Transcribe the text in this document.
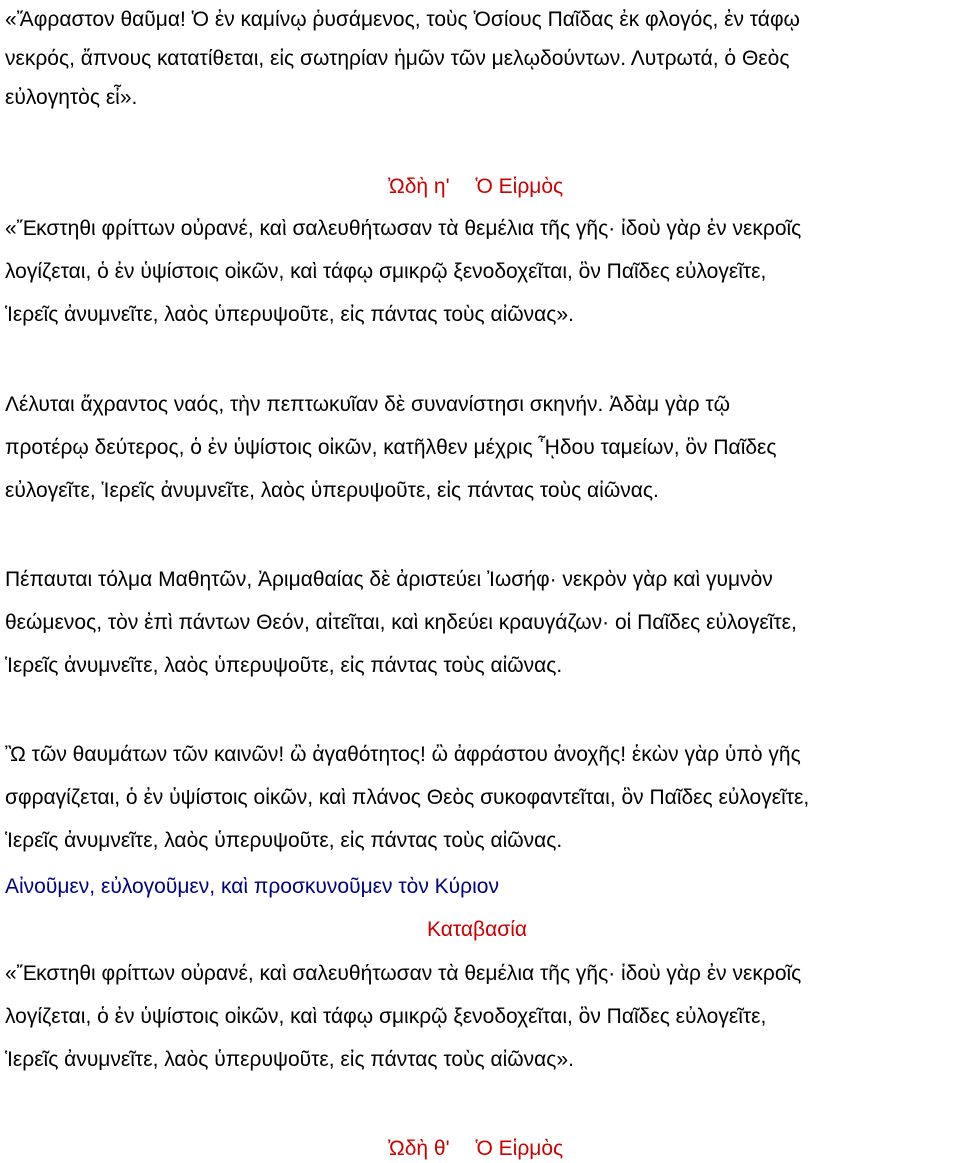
«Ἄφραστον θαῦμα! Ὁ ἐν καμίνῳ ῥυσάμενος, τοὺς Ὁσίους Παῖδας ἐκ φλογός, ἐν τάφῳ
νεκρός, ἄπνους κατατίθεται, εἰς σωτηρίαν ἡμῶν τῶν μελῳδούντων. Λυτρωτά, ὁ Θεὸς
εὐλογητὸς εἶ».
Ὠδὴ η' Ὁ Εἱρμὸς
«Ἔκστηθι φρίττων οὐρανέ, καὶ σαλευθήτωσαν τὰ θεμέλια τῆς γῆς· ἰδοὺ γὰρ ἐν νεκροῖς
λογίζεται, ὁ ἐν ὑψίστοις οἰκῶν, καὶ τάφῳ σμικρῷ ξενοδοχεῖται, ὃν Παῖδες εὐλογεῖτε,
Ἱερεῖς ἀνυμνεῖτε, λαὸς ὑπερυψοῦτε, εἰς πάντας τοὺς αἰῶνας».
Λέλυται ἄχραντος ναός, τὴν πεπτωκυῖαν δὲ συνανίστησι σκηνήν. Ἀδὰμ γὰρ τῷ
προτέρῳ δεύτερος, ὁ ἐν ὑψίστοις οἰκῶν, κατῆλθεν μέχρις ᾟδου ταμείων, ὃν Παῖδες
εὐλογεῖτε, Ἱερεῖς ἀνυμνεῖτε, λαὸς ὑπερυψοῦτε, εἰς πάντας τοὺς αἰῶνας.
Πέπαυται τόλμα Μαθητῶν, Ἀριμαθαίας δὲ ἀριστεύει Ἰωσήφ· νεκρὸν γὰρ καὶ γυμνὸν
θεώμενος, τὸν ἐπὶ πάντων Θεόν, αἰτεῖται, καὶ κηδεύει κραυγάζων· οἱ Παῖδες εὐλογεῖτε,
Ἱερεῖς ἀνυμνεῖτε, λαὸς ὑπερυψοῦτε, εἰς πάντας τοὺς αἰῶνας.
Ὢ τῶν θαυμάτων τῶν καινῶν! ὢ ἀγαθότητος! ὢ ἀφράστου ἀνοχῆς! ἑκὼν γὰρ ὑπὸ γῆς
σφραγίζεται, ὁ ἐν ὑψίστοις οἰκῶν, καὶ πλάνος Θεὸς συκοφαντεῖται, ὃν Παῖδες εὐλογεῖτε,
Ἱερεῖς ἀνυμνεῖτε, λαὸς ὑπερυψοῦτε, εἰς πάντας τοὺς αἰῶνας.
Αἰνοῦμεν, εὐλογοῦμεν, καὶ προσκυνοῦμεν τὸν Κύριον
Καταβασία
«Ἔκστηθι φρίττων οὐρανέ, καὶ σαλευθήτωσαν τὰ θεμέλια τῆς γῆς· ἰδοὺ γὰρ ἐν νεκροῖς
λογίζεται, ὁ ἐν ὑψίστοις οἰκῶν, καὶ τάφῳ σμικρῷ ξενοδοχεῖται, ὃν Παῖδες εὐλογεῖτε,
Ἱερεῖς ἀνυμνεῖτε, λαὸς ὑπερυψοῦτε, εἰς πάντας τοὺς αἰῶνας».
Ὠδὴ θ' Ὁ Εἱρμὸς
